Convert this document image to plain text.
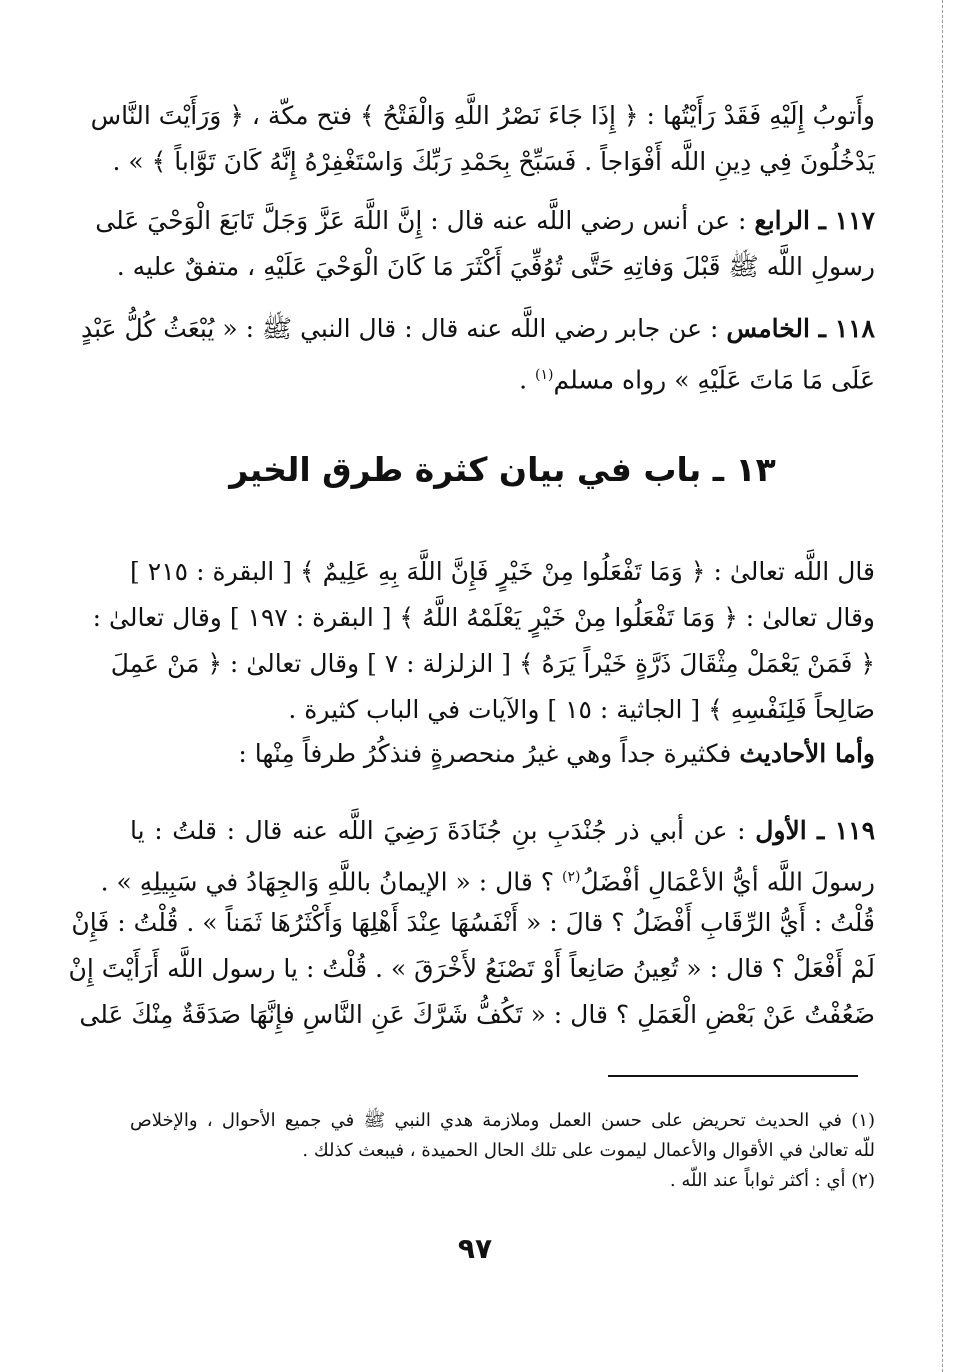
وأَتوبُ إِلَيْهِ فَقَدْ رَأَيْتُها : ﴿ إِذَا جَاءَ نَصْرُ اللَّهِ وَالْفَتْحُ ﴾ فتح مكّة ، ﴿ وَرَأَيْتَ النَّاس
يَدْخُلُونَ فِي دِينِ اللَّه أَفْوَاجاً . فَسَبِّحْ بِحَمْدِ رَبِّكَ وَاسْتَغْفِرْهُ إِنَّهُ كَانَ تَوَّاباً ﴾ » .
١١٧ ـ الرابع : عن أنس رضي اللَّه عنه قال : إِنَّ اللَّهَ عَزَّ وَجَلَّ تَابَعَ الْوَحْيَ عَلى
رسولِ اللَّه ﷺ قَبْلَ وَفاتِهِ حَتَّى تُوُفِّيَ أَكْثَرَ مَا كَانَ الْوَحْيَ عَلَيْهِ ، متفقٌ عليه .
١١٨ ـ الخامس : عن جابر رضي اللَّه عنه قال : قال النبي ﷺ : « يُبْعَثُ كُلُّ عَبْدٍ
عَلَى مَا مَاتَ عَلَيْهِ » رواه مسلم$^{(١)}$ .
١٣ ـ باب في بيان كثرة طرق الخير
قال اللَّه تعالىٰ : ﴿ وَمَا تَفْعَلُوا مِنْ خَيْرٍ فَإِنَّ اللَّهَ بِهِ عَلِيمٌ ﴾ [ البقرة : ٢١٥ ]
وقال تعالىٰ : ﴿ وَمَا تَفْعَلُوا مِنْ خَيْرٍ يَعْلَمْهُ اللَّهُ ﴾ [ البقرة : ١٩٧ ] وقال تعالىٰ :
﴿ فَمَنْ يَعْمَلْ مِثْقَالَ ذَرَّةٍ خَيْراً يَرَهُ ﴾ [ الزلزلة : ٧ ] وقال تعالىٰ : ﴿ مَنْ عَمِلَ
صَالِحاً فَلِنَفْسِهِ ﴾ [ الجاثية : ١٥ ] والآيات في الباب كثيرة .
وأما الأحاديث فكثيرة جداً وهي غيرُ منحصرةٍ فنذكُرُ طرفاً مِنْها :
١١٩ ـ الأول : عن أبي ذر جُنْدَبِ بنِ جُنَادَةَ رَضِيَ اللَّه عنه قال : قلتُ : يا
رسولَ اللَّه أيُّ الأعْمَالِ أفْضَلُ$^{(٢)}$ ؟ قال : « الإيمانُ باللَّهِ وَالجِهَادُ في سَبِيلِهِ » .
قُلْتُ : أَيُّ الرِّقَابِ أَفْضَلُ ؟ قالَ : « أَنْفَسُهَا عِنْدَ أَهْلِهَا وَأَكْثَرُهَا ثَمَناً » . قُلْتُ : فَإِنْ
لَمْ أَفْعَلْ ؟ قال : « تُعِينُ صَانِعاً أَوْ تَصْنَعُ لأَخْرَقَ » . قُلْتُ : يا رسول اللَّه أَرَأَيْتَ إِنْ
ضَعُفْتُ عَنْ بَعْضِ الْعَمَلِ ؟ قال : « تَكُفُّ شَرَّكَ عَنِ النَّاسِ فإِنَّهَا صَدَقَةٌ مِنْكَ عَلى
(١) في الحديث تحريض على حسن العمل وملازمة هدي النبي ﷺ في جميع الأحوال ، والإخلاص
للّه تعالىٰ في الأقوال والأعمال ليموت على تلك الحال الحميدة ، فيبعث كذلك .
(٢) أي : أكثر ثواباً عند اللّه .
٩٧
